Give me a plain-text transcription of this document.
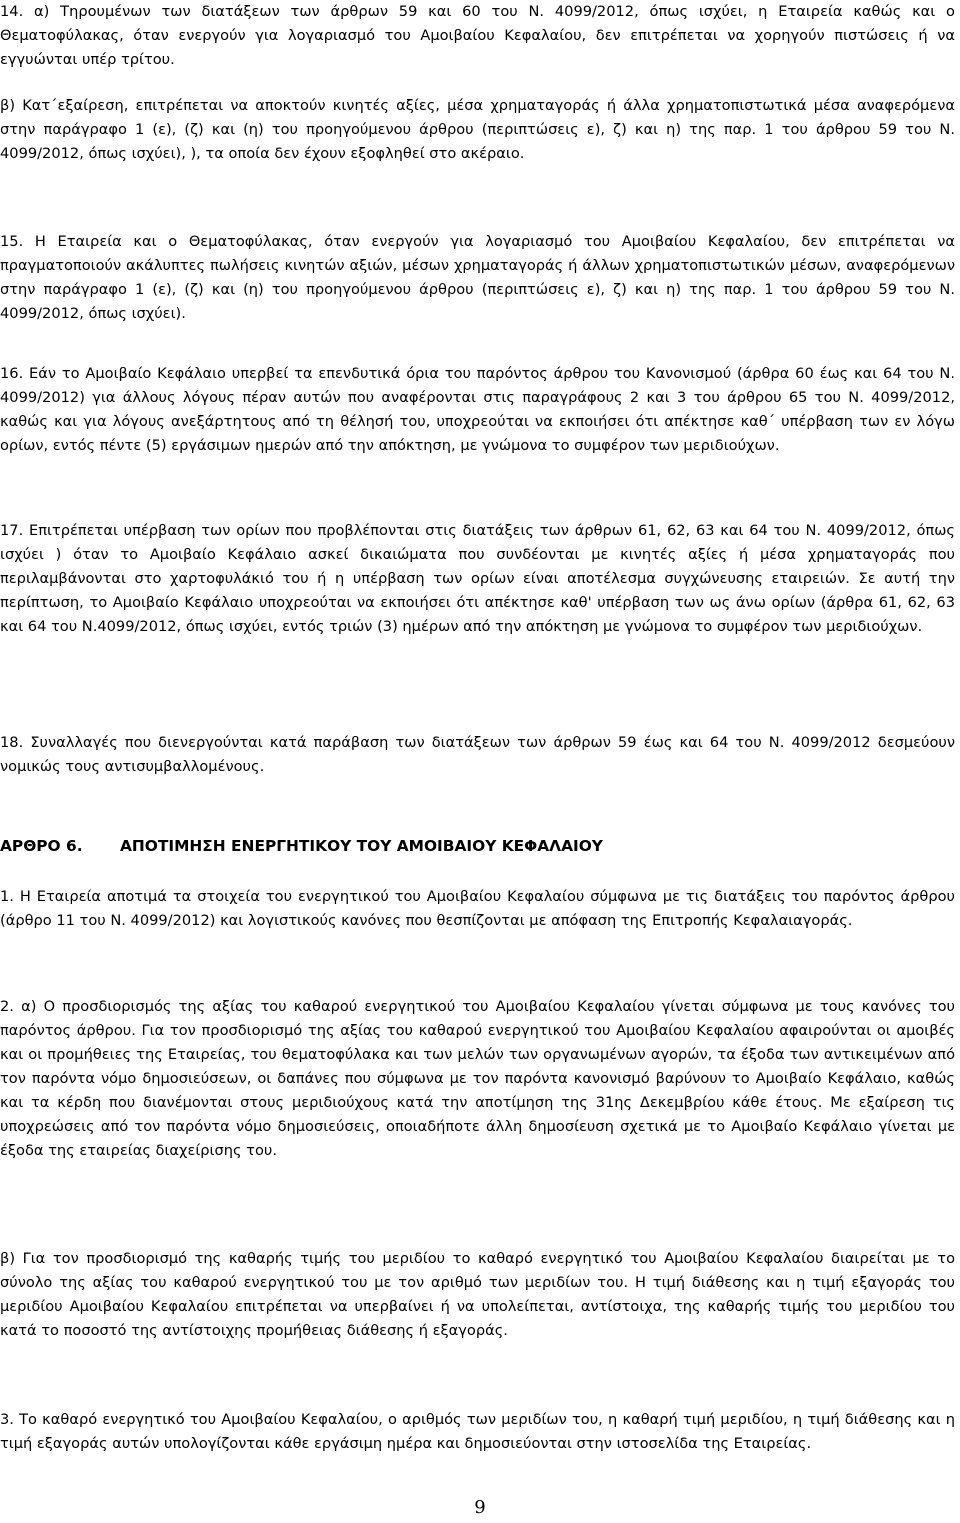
14. α) Τηρουμένων των διατάξεων των άρθρων 59 και 60 του Ν. 4099/2012, όπως ισχύει, η Εταιρεία καθώς και ο Θεματοφύλακας, όταν ενεργούν για λογαριασμό του Αμοιβαίου Κεφαλαίου, δεν επιτρέπεται να χορηγούν πιστώσεις ή να εγγυώνται υπέρ τρίτου.

β) Κατ΄εξαίρεση, επιτρέπεται να αποκτούν κινητές αξίες, μέσα χρηματαγοράς ή άλλα χρηματοπιστωτικά μέσα αναφερόμενα στην παράγραφο 1 (ε), (ζ) και (η) του προηγούμενου άρθρου (περιπτώσεις ε), ζ) και η) της παρ. 1 του άρθρου 59 του Ν. 4099/2012, όπως ισχύει), ), τα οποία δεν έχουν εξοφληθεί στο ακέραιο.

15. Η Εταιρεία και ο Θεματοφύλακας, όταν ενεργούν για λογαριασμό του Αμοιβαίου Κεφαλαίου, δεν επιτρέπεται να πραγματοποιούν ακάλυπτες πωλήσεις κινητών αξιών, μέσων χρηματαγοράς ή άλλων χρηματοπιστωτικών μέσων, αναφερόμενων στην παράγραφο 1 (ε), (ζ) και (η) του προηγούμενου άρθρου (περιπτώσεις ε), ζ) και η) της παρ. 1 του άρθρου 59 του Ν. 4099/2012, όπως ισχύει).

16. Εάν το Αμοιβαίο Κεφάλαιο υπερβεί τα επενδυτικά όρια του παρόντος άρθρου του Κανονισμού (άρθρα 60 έως και 64 του Ν. 4099/2012) για άλλους λόγους πέραν αυτών που αναφέρονται στις παραγράφους 2 και 3 του άρθρου 65 του Ν. 4099/2012, καθώς και για λόγους ανεξάρτητους από τη θέλησή του, υποχρεούται να εκποιήσει ότι απέκτησε καθ΄ υπέρβαση των εν λόγω ορίων, εντός πέντε (5) εργάσιμων ημερών από την απόκτηση, με γνώμονα το συμφέρον των μεριδιούχων.

17. Επιτρέπεται υπέρβαση των ορίων που προβλέπονται στις διατάξεις των άρθρων 61, 62, 63 και 64 του Ν. 4099/2012, όπως ισχύει ) όταν το Αμοιβαίο Κεφάλαιο ασκεί δικαιώματα που συνδέονται με κινητές αξίες ή μέσα χρηματαγοράς που περιλαμβάνονται στο χαρτοφυλάκιό του ή η υπέρβαση των ορίων είναι αποτέλεσμα συγχώνευσης εταιρειών. Σε αυτή την περίπτωση, το Αμοιβαίο Κεφάλαιο υποχρεούται να εκποιήσει ότι απέκτησε καθ' υπέρβαση των ως άνω ορίων (άρθρα 61, 62, 63 και 64 του Ν.4099/2012, όπως ισχύει, εντός τριών (3) ημέρων από την απόκτηση με γνώμονα το συμφέρον των μεριδιούχων.

18. Συναλλαγές που διενεργούνται κατά παράβαση των διατάξεων των άρθρων 59 έως και 64 του Ν. 4099/2012 δεσμεύουν νομικώς τους αντισυμβαλλομένους.

ΑΡΘΡΟ 6. ΑΠΟΤΙΜΗΣΗ ΕΝΕΡΓΗΤΙΚΟΥ ΤΟΥ ΑΜΟΙΒΑΙΟΥ ΚΕΦΑΛΑΙΟΥ

1. Η Εταιρεία αποτιμά τα στοιχεία του ενεργητικού του Αμοιβαίου Κεφαλαίου σύμφωνα με τις διατάξεις του παρόντος άρθρου (άρθρο 11 του Ν. 4099/2012) και λογιστικούς κανόνες που θεσπίζονται με απόφαση της Επιτροπής Κεφαλαιαγοράς.

2. α) Ο προσδιορισμός της αξίας του καθαρού ενεργητικού του Αμοιβαίου Κεφαλαίου γίνεται σύμφωνα με τους κανόνες του παρόντος άρθρου. Για τον προσδιορισμό της αξίας του καθαρού ενεργητικού του Αμοιβαίου Κεφαλαίου αφαιρούνται οι αμοιβές και οι προμήθειες της Εταιρείας, του θεματοφύλακα και των μελών των οργανωμένων αγορών, τα έξοδα των αντικειμένων από τον παρόντα νόμο δημοσιεύσεων, οι δαπάνες που σύμφωνα με τον παρόντα κανονισμό βαρύνουν το Αμοιβαίο Κεφάλαιο, καθώς και τα κέρδη που διανέμονται στους μεριδιούχους κατά την αποτίμηση της 31ης Δεκεμβρίου κάθε έτους. Με εξαίρεση τις υποχρεώσεις από τον παρόντα νόμο δημοσιεύσεις, οποιαδήποτε άλλη δημοσίευση σχετικά με το Αμοιβαίο Κεφάλαιο γίνεται με έξοδα της εταιρείας διαχείρισης του.

β) Για τον προσδιορισμό της καθαρής τιμής του μεριδίου το καθαρό ενεργητικό του Αμοιβαίου Κεφαλαίου διαιρείται με το σύνολο της αξίας του καθαρού ενεργητικού του με τον αριθμό των μεριδίων του. Η τιμή διάθεσης και η τιμή εξαγοράς του μεριδίου Αμοιβαίου Κεφαλαίου επιτρέπεται να υπερβαίνει ή να υπολείπεται, αντίστοιχα, της καθαρής τιμής του μεριδίου του κατά το ποσοστό της αντίστοιχης προμήθειας διάθεσης ή εξαγοράς.

3. Το καθαρό ενεργητικό του Αμοιβαίου Κεφαλαίου, ο αριθμός των μεριδίων του, η καθαρή τιμή μεριδίου, η τιμή διάθεσης και η τιμή εξαγοράς αυτών υπολογίζονται κάθε εργάσιμη ημέρα και δημοσιεύονται στην ιστοσελίδα της Εταιρείας.

9
